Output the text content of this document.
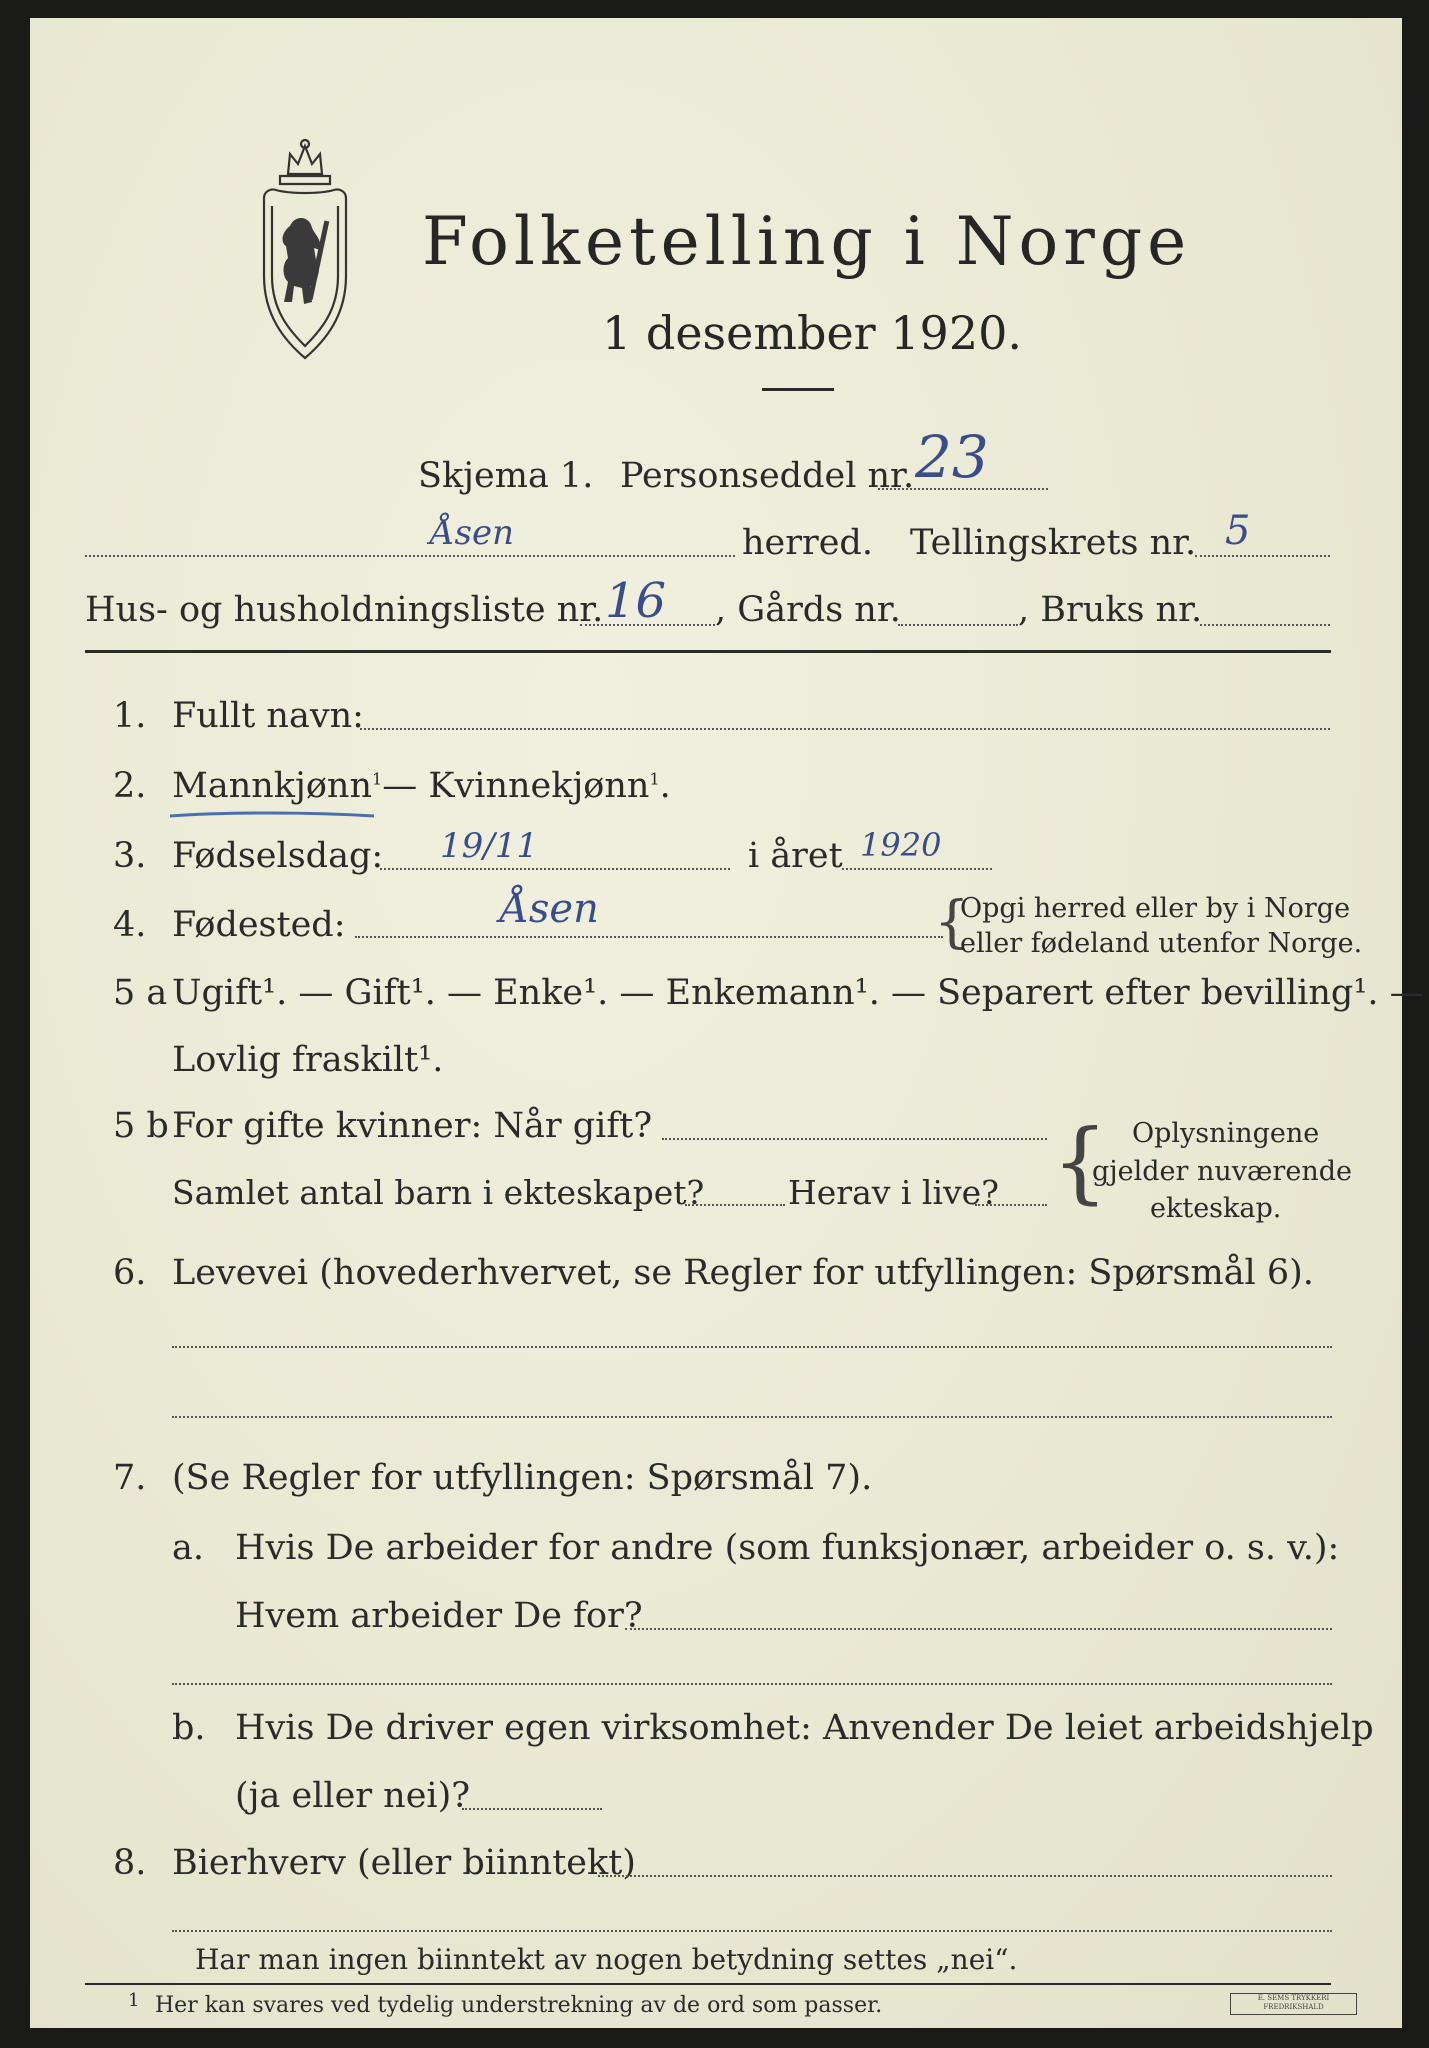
Folketelling i Norge
1 desember 1920.
Skjema 1. Personseddel nr. 23
Åsen	herred. Tellingskrets nr. 5
Hus- og husholdningsliste nr. 16 , Gårds nr.	, Bruks nr.
1. Fullt navn:
2. Mannkjønn$^1$— Kvinnekjønn$^1$.
3. Fødselsdag: 19/11	i året 1920
4. Fødested:	Åsen	{
Opgi herred eller by i Norge
eller fødeland utenfor Norge.
5 a Ugift¹. — Gift¹. — Enke¹. — Enkemann¹. — Separert efter bevilling¹. —
Lovlig fraskilt¹.
5 b For gifte kvinner: Når gift?
Samlet antal barn i ekteskapet?	Herav i live? { Oplysningene
gjelder nuværende
ekteskap.
6. Levevei (hovederhvervet, se Regler for utfyllingen: Spørsmål 6).
7. (Se Regler for utfyllingen: Spørsmål 7).
a. Hvis De arbeider for andre (som funksjonær, arbeider o. s. v.):
Hvem arbeider De for?
b. Hvis De driver egen virksomhet: Anvender De leiet arbeidshjelp
(ja eller nei)?
8. Bierhverv (eller biinntekt)
Har man ingen biinntekt av nogen betydning settes „nei“.
1 Her kan svares ved tydelig understrekning av de ord som passer.	E. SEMS TRYKKERI FREDRIKSHALD
